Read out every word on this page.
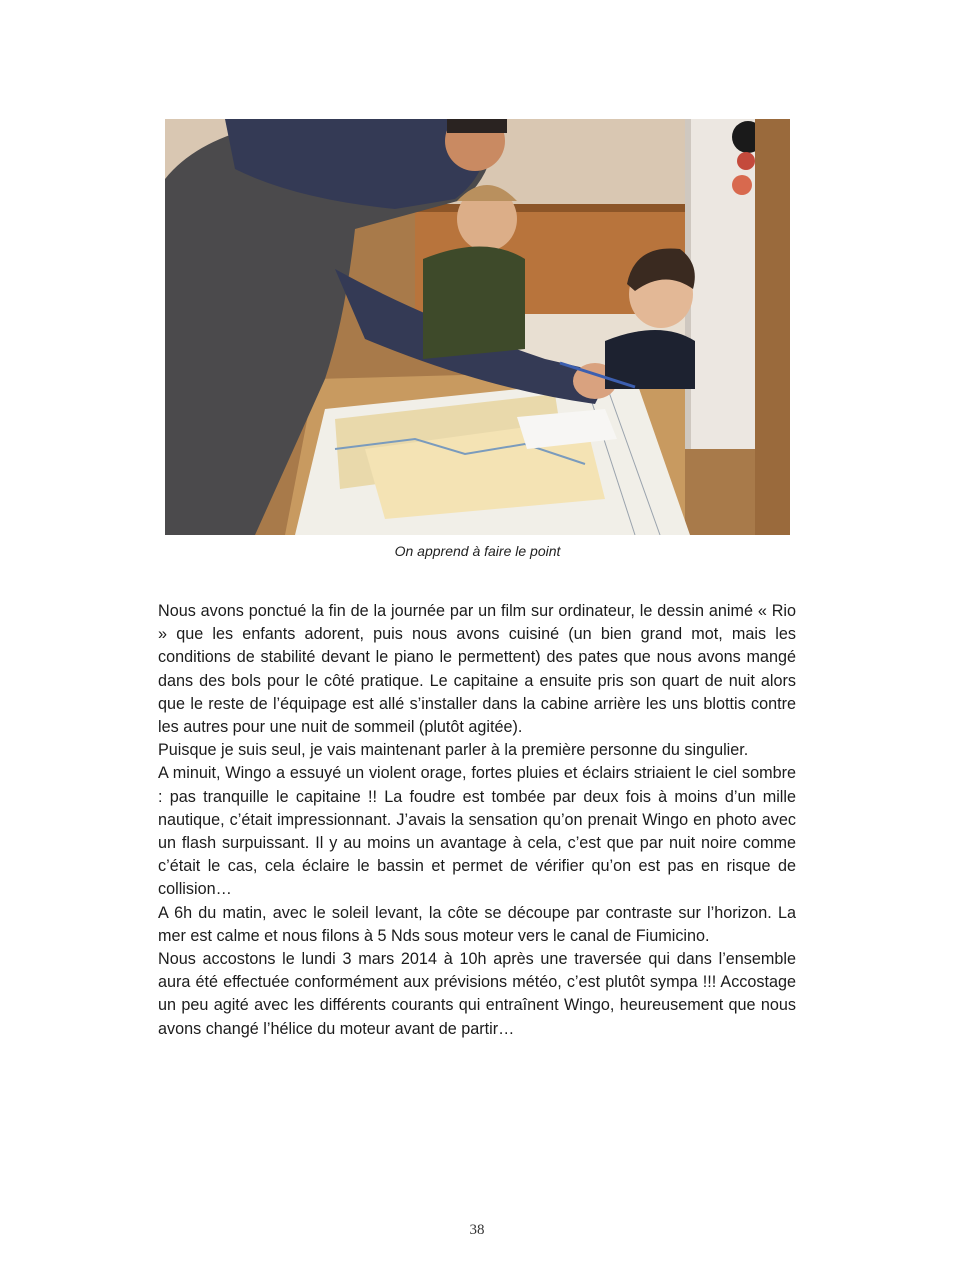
On apprend à faire le point

Nous avons ponctué la fin de la journée par un film sur ordinateur, le dessin animé « Rio » que les enfants adorent, puis nous avons cuisiné (un bien grand mot, mais les conditions de stabilité devant le piano le permettent) des pates que nous avons mangé dans des bols pour le côté pratique. Le capitaine a ensuite pris son quart de nuit alors que le reste de l’équipage est allé s’installer dans la cabine arrière les uns blottis contre les autres pour une nuit de sommeil (plutôt agitée).

Puisque je suis seul, je vais maintenant parler à la première personne du singulier.

A minuit, Wingo a essuyé un violent orage, fortes pluies et éclairs striaient le ciel sombre : pas tranquille le capitaine !! La foudre est tombée par deux fois à moins d’un mille nautique, c’était impressionnant. J’avais la sensation qu’on prenait Wingo en photo avec un flash surpuissant. Il y au moins un avantage à cela, c’est que par nuit noire comme c’était le cas, cela éclaire le bassin et permet de vérifier qu’on est pas en risque de collision…

A 6h du matin, avec le soleil levant, la côte se découpe par contraste sur l’horizon. La mer est calme et nous filons à 5 Nds sous moteur vers le canal de Fiumicino.

Nous accostons le lundi 3 mars 2014 à 10h après une traversée qui dans l’ensemble aura été effectuée conformément aux prévisions météo, c’est plutôt sympa !!! Accostage un peu agité avec les différents courants qui entraînent Wingo, heureusement que nous avons changé l’hélice du moteur avant de partir…

38
